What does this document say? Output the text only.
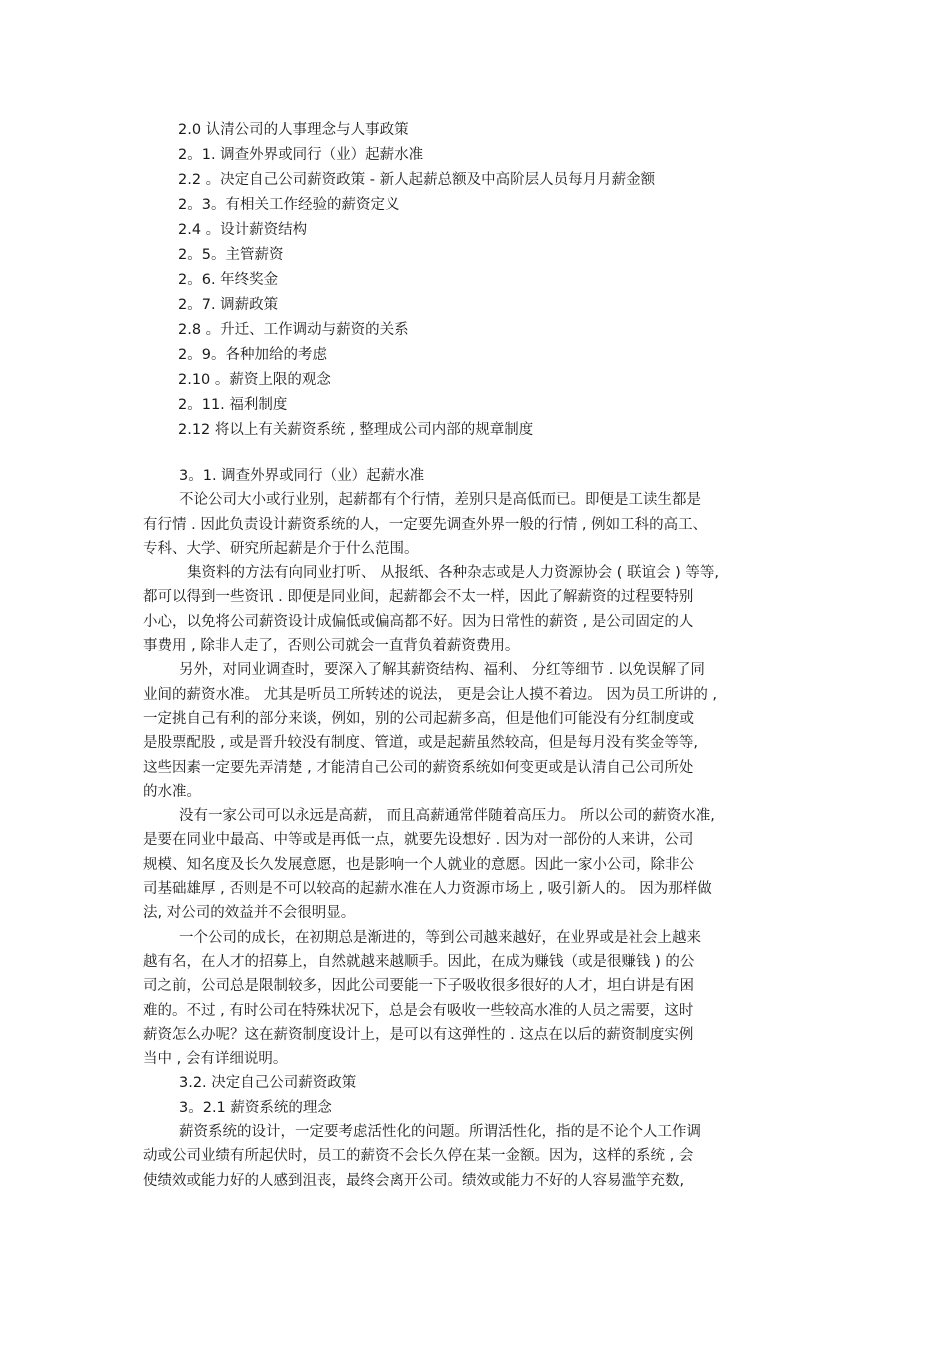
2.0 认清公司的人事理念与人事政策
2。1. 调查外界或同行（业）起薪水准
2.2 。决定自己公司薪资政策 - 新人起薪总额及中高阶层人员每月月薪金额
2。3。有相关工作经验的薪资定义
2.4 。设计薪资结构
2。5。主管薪资
2。6. 年终奖金
2。7. 调薪政策
2.8 。升迁、工作调动与薪资的关系
2。9。各种加给的考虑
2.10 。薪资上限的观念
2。11. 福利制度
2.12 将以上有关薪资系统 , 整理成公司内部的规章制度
3。1. 调查外界或同行（业）起薪水准
不论公司大小或行业别，起薪都有个行情，差别只是高低而已。即便是工读生都是
有行情 . 因此负责设计薪资系统的人，一定要先调查外界一般的行情 , 例如工科的高工、
专科、大学、研究所起薪是介于什么范围。
集资料的方法有向同业打听、 从报纸、各种杂志或是人力资源协会 ( 联谊会 ) 等等,
都可以得到一些资讯 . 即便是同业间，起薪都会不太一样，因此了解薪资的过程要特别
小心，以免将公司薪资设计成偏低或偏高都不好。因为日常性的薪资 , 是公司固定的人
事费用 , 除非人走了，否则公司就会一直背负着薪资费用。
另外，对同业调查时，要深入了解其薪资结构、福利、 分红等细节 . 以免误解了同
业间的薪资水准。 尤其是听员工所转述的说法， 更是会让人摸不着边。 因为员工所讲的 ,
一定挑自己有利的部分来谈，例如，别的公司起薪多高，但是他们可能没有分红制度或
是股票配股 , 或是晋升较没有制度、管道，或是起薪虽然较高，但是每月没有奖金等等,
这些因素一定要先弄清楚 , 才能清自己公司的薪资系统如何变更或是认清自己公司所处
的水准。
没有一家公司可以永远是高薪， 而且高薪通常伴随着高压力。 所以公司的薪资水准,
是要在同业中最高、中等或是再低一点，就要先设想好 . 因为对一部份的人来讲，公司
规模、知名度及长久发展意愿，也是影响一个人就业的意愿。因此一家小公司，除非公
司基础雄厚 , 否则是不可以较高的起薪水准在人力资源市场上 , 吸引新人的。 因为那样做
法, 对公司的效益并不会很明显。
一个公司的成长，在初期总是渐进的，等到公司越来越好，在业界或是社会上越来
越有名，在人才的招募上，自然就越来越顺手。因此，在成为赚钱（或是很赚钱 ) 的公
司之前，公司总是限制较多，因此公司要能一下子吸收很多很好的人才，坦白讲是有困
难的。不过 , 有时公司在特殊状况下，总是会有吸收一些较高水准的人员之需要，这时
薪资怎么办呢？这在薪资制度设计上，是可以有这弹性的 . 这点在以后的薪资制度实例
当中 , 会有详细说明。
3.2. 决定自己公司薪资政策
3。2.1 薪资系统的理念
薪资系统的设计，一定要考虑活性化的问题。所谓活性化，指的是不论个人工作调
动或公司业绩有所起伏时，员工的薪资不会长久停在某一金额。因为，这样的系统 , 会
使绩效或能力好的人感到沮丧，最终会离开公司。绩效或能力不好的人容易滥竽充数,
